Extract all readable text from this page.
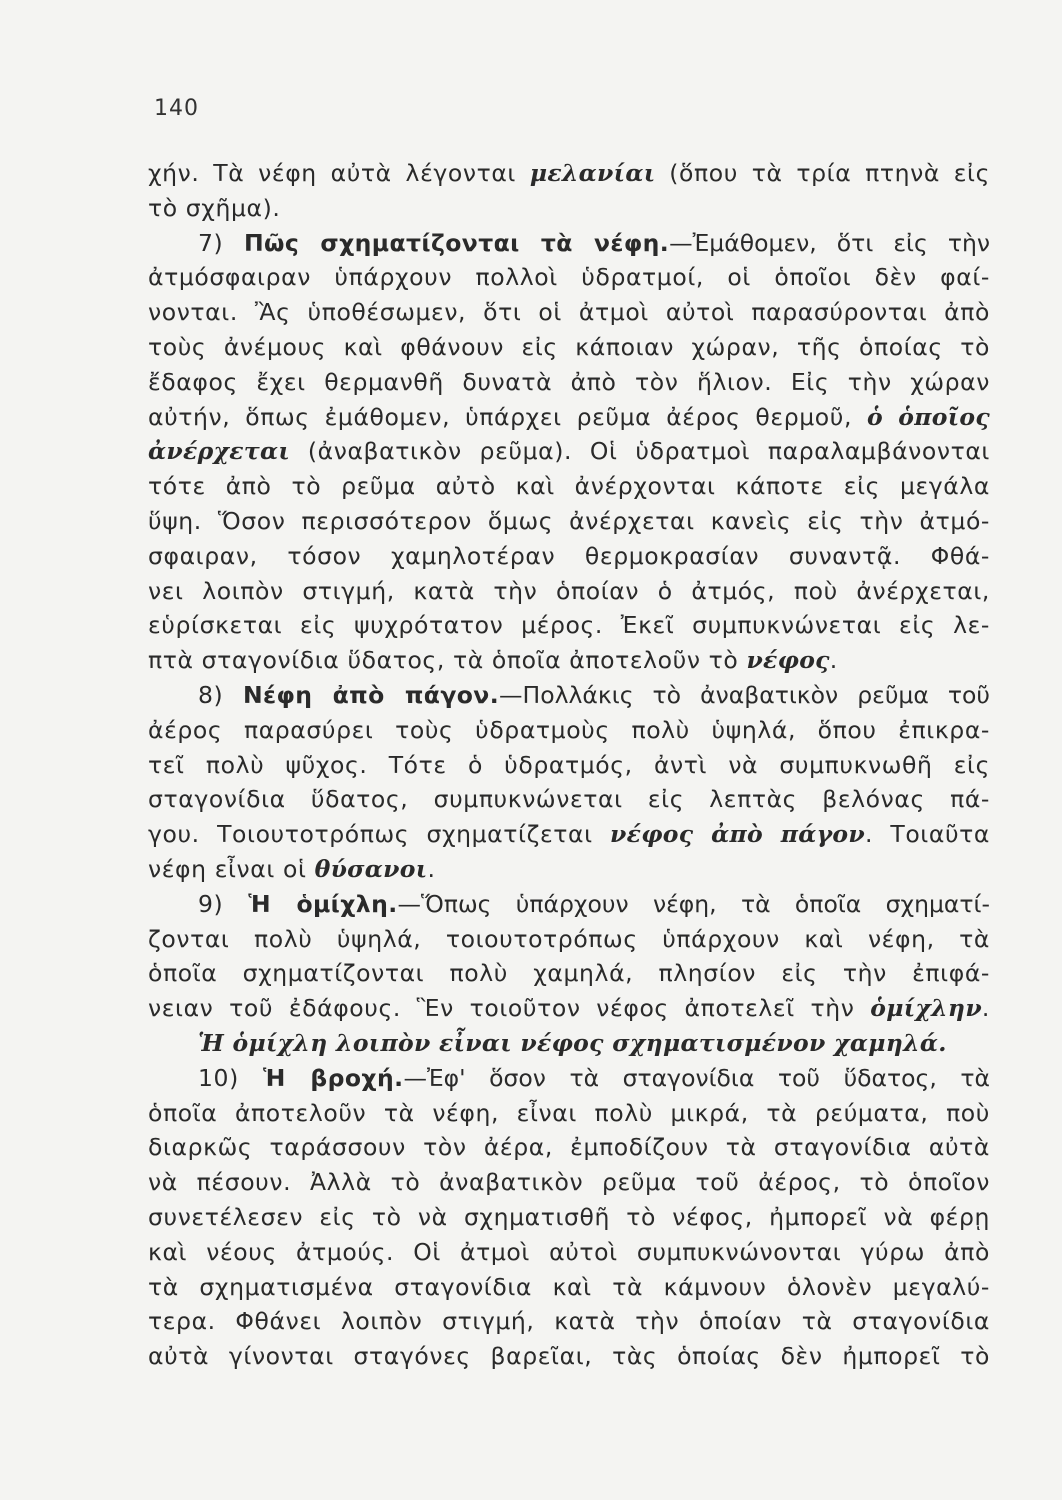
140
χήν. Τὰ νέφη αὐτὰ λέγονται μελανίαι (ὅπου τὰ τρία πτηνὰ εἰς
τὸ σχῆμα).
7) Πῶς σχηματίζονται τὰ νέφη.—Ἐμάθομεν, ὅτι εἰς τὴν
ἀτμόσφαιραν ὑπάρχουν πολλοὶ ὑδρατμοί, οἱ ὁποῖοι δὲν φαί-
νονται. Ἂς ὑποθέσωμεν, ὅτι οἱ ἀτμοὶ αὐτοὶ παρασύρονται ἀπὸ
τοὺς ἀνέμους καὶ φθάνουν εἰς κάποιαν χώραν, τῆς ὁποίας τὸ
ἔδαφος ἔχει θερμανθῆ δυνατὰ ἀπὸ τὸν ἥλιον. Εἰς τὴν χώραν
αὐτήν, ὅπως ἐμάθομεν, ὑπάρχει ρεῦμα ἀέρος θερμοῦ, ὁ ὁποῖος
ἀνέρχεται (ἀναβατικὸν ρεῦμα). Οἱ ὑδρατμοὶ παραλαμβάνονται
τότε ἀπὸ τὸ ρεῦμα αὐτὸ καὶ ἀνέρχονται κάποτε εἰς μεγάλα
ὕψη. Ὅσον περισσότερον ὅμως ἀνέρχεται κανεὶς εἰς τὴν ἀτμό-
σφαιραν, τόσον χαμηλοτέραν θερμοκρασίαν συναντᾷ. Φθά-
νει λοιπὸν στιγμή, κατὰ τὴν ὁποίαν ὁ ἀτμός, ποὺ ἀνέρχεται,
εὑρίσκεται εἰς ψυχρότατον μέρος. Ἐκεῖ συμπυκνώνεται εἰς λε-
πτὰ σταγονίδια ὕδατος, τὰ ὁποῖα ἀποτελοῦν τὸ νέφος.
8) Νέφη ἀπὸ πάγον.—Πολλάκις τὸ ἀναβατικὸν ρεῦμα τοῦ
ἀέρος παρασύρει τοὺς ὑδρατμοὺς πολὺ ὑψηλά, ὅπου ἐπικρα-
τεῖ πολὺ ψῦχος. Τότε ὁ ὑδρατμός, ἀντὶ νὰ συμπυκνωθῆ εἰς
σταγονίδια ὕδατος, συμπυκνώνεται εἰς λεπτὰς βελόνας πά-
γου. Τοιουτοτρόπως σχηματίζεται νέφος ἀπὸ πάγον. Τοιαῦτα
νέφη εἶναι οἱ θύσανοι.
9) Ἡ ὁμίχλη.—Ὅπως ὑπάρχουν νέφη, τὰ ὁποῖα σχηματί-
ζονται πολὺ ὑψηλά, τοιουτοτρόπως ὑπάρχουν καὶ νέφη, τὰ
ὁποῖα σχηματίζονται πολὺ χαμηλά, πλησίον εἰς τὴν ἐπιφά-
νειαν τοῦ ἐδάφους. Ἓν τοιοῦτον νέφος ἀποτελεῖ τὴν ὁμίχλην.
Ἡ ὁμίχλη λοιπὸν εἶναι νέφος σχηματισμένον χαμηλά.
10) Ἡ βροχή.—Ἐφ' ὅσον τὰ σταγονίδια τοῦ ὕδατος, τὰ
ὁποῖα ἀποτελοῦν τὰ νέφη, εἶναι πολὺ μικρά, τὰ ρεύματα, ποὺ
διαρκῶς ταράσσουν τὸν ἀέρα, ἐμποδίζουν τὰ σταγονίδια αὐτὰ
νὰ πέσουν. Ἀλλὰ τὸ ἀναβατικὸν ρεῦμα τοῦ ἀέρος, τὸ ὁποῖον
συνετέλεσεν εἰς τὸ νὰ σχηματισθῆ τὸ νέφος, ἠμπορεῖ νὰ φέρῃ
καὶ νέους ἀτμούς. Οἱ ἀτμοὶ αὐτοὶ συμπυκνώνονται γύρω ἀπὸ
τὰ σχηματισμένα σταγονίδια καὶ τὰ κάμνουν ὁλονὲν μεγαλύ-
τερα. Φθάνει λοιπὸν στιγμή, κατὰ τὴν ὁποίαν τὰ σταγονίδια
αὐτὰ γίνονται σταγόνες βαρεῖαι, τὰς ὁποίας δὲν ἠμπορεῖ τὸ
